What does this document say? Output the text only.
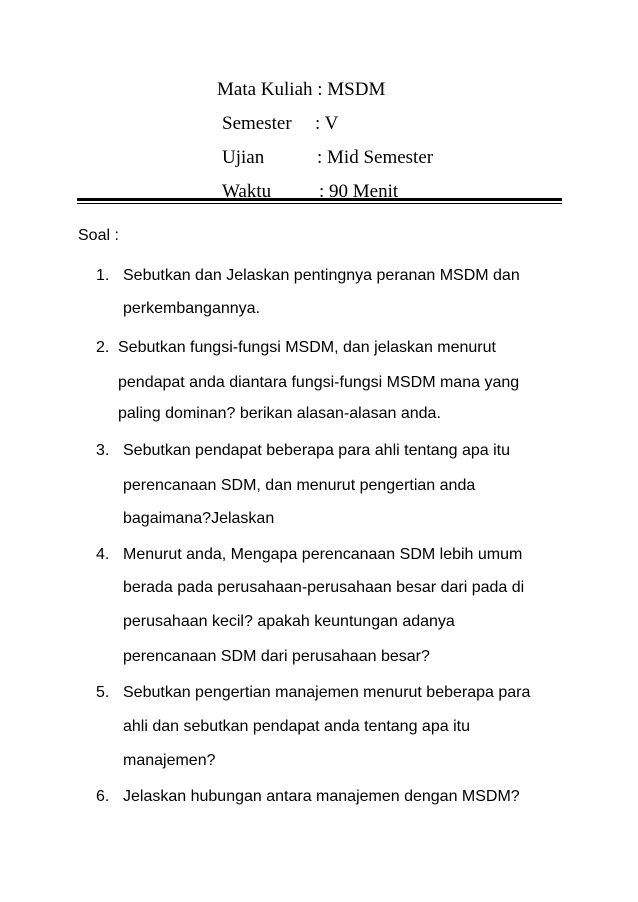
Mata Kuliah : MSDM
Semester : V
Ujian	: Mid Semester
Waktu	: 90 Menit
Soal :
1. Sebutkan dan Jelaskan pentingnya peranan MSDM dan
perkembangannya.
2. Sebutkan fungsi-fungsi MSDM, dan jelaskan menurut
pendapat anda diantara fungsi-fungsi MSDM mana yang
paling dominan? berikan alasan-alasan anda.
3. Sebutkan pendapat beberapa para ahli tentang apa itu
perencanaan SDM, dan menurut pengertian anda
bagaimana?Jelaskan
4. Menurut anda, Mengapa perencanaan SDM lebih umum
berada pada perusahaan-perusahaan besar dari pada di
perusahaan kecil? apakah keuntungan adanya
perencanaan SDM dari perusahaan besar?
5. Sebutkan pengertian manajemen menurut beberapa para
ahli dan sebutkan pendapat anda tentang apa itu
manajemen?
6. Jelaskan hubungan antara manajemen dengan MSDM?
